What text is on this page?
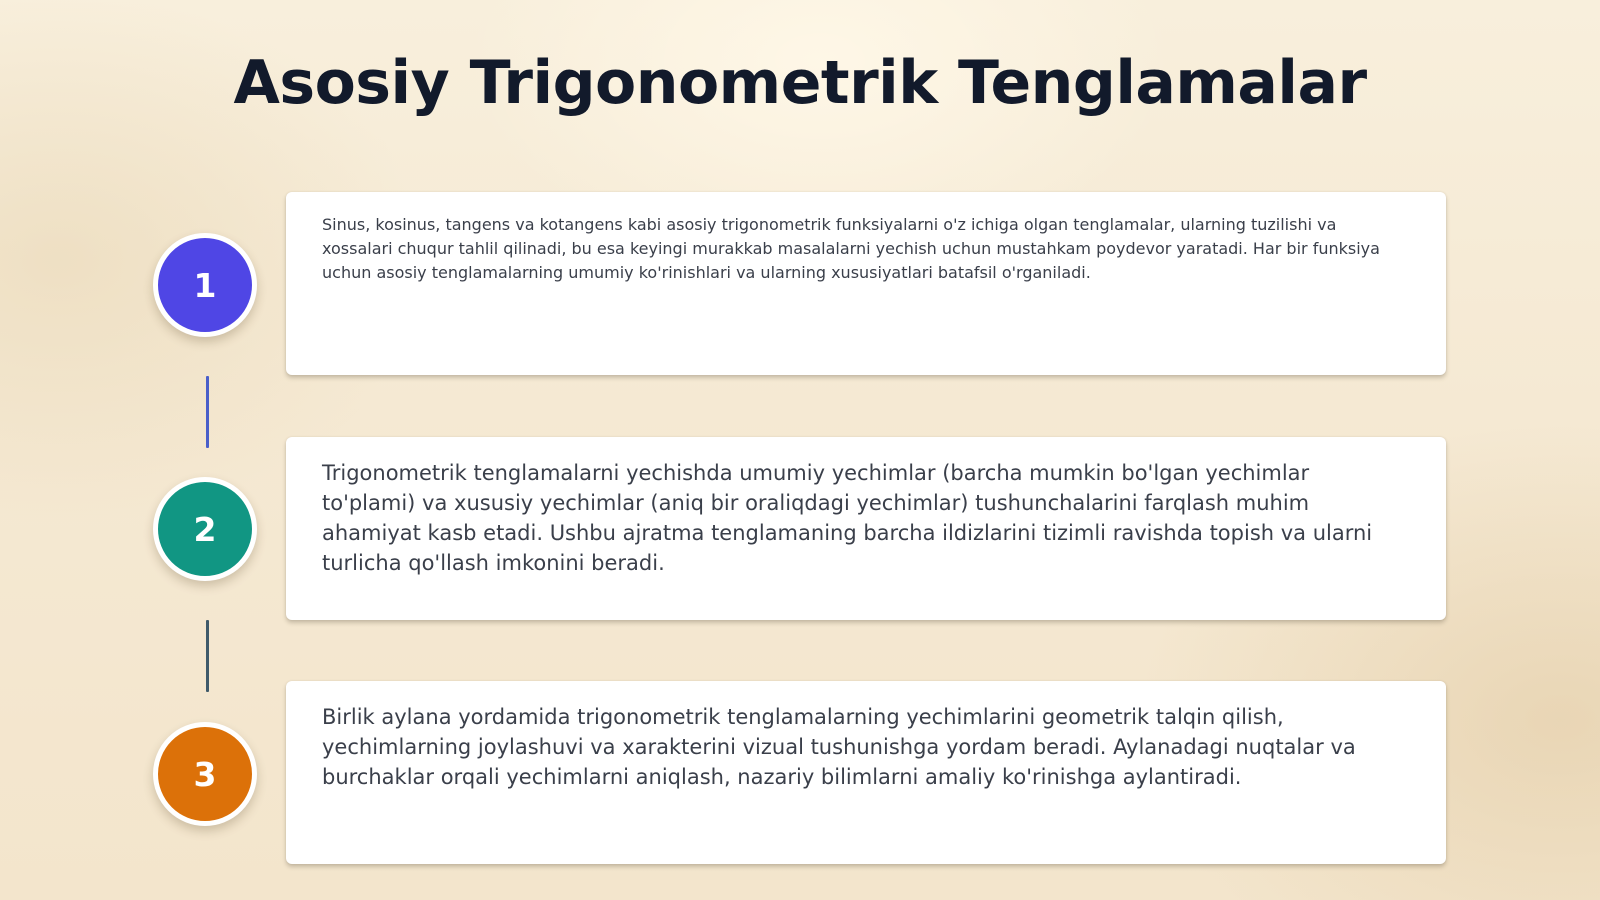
Asosiy Trigonometrik Tenglamalar
1
2
3

Sinus, kosinus, tangens va kotangens kabi asosiy trigonometrik funksiyalarni o'z ichiga olgan tenglamalar, ularning tuzilishi va xossalari chuqur tahlil qilinadi, bu esa keyingi murakkab masalalarni yechish uchun mustahkam poydevor yaratadi. Har bir funksiya uchun asosiy tenglamalarning umumiy ko'rinishlari va ularning xususiyatlari batafsil o'rganiladi.

Trigonometrik tenglamalarni yechishda umumiy yechimlar (barcha mumkin bo'lgan yechimlar to'plami) va xususiy yechimlar (aniq bir oraliqdagi yechimlar) tushunchalarini farqlash muhim ahamiyat kasb etadi. Ushbu ajratma tenglamaning barcha ildizlarini tizimli ravishda topish va ularni turlicha qo'llash imkonini beradi.

Birlik aylana yordamida trigonometrik tenglamalarning yechimlarini geometrik talqin qilish, yechimlarning joylashuvi va xarakterini vizual tushunishga yordam beradi. Aylanadagi nuqtalar va burchaklar orqali yechimlarni aniqlash, nazariy bilimlarni amaliy ko'rinishga aylantiradi.
